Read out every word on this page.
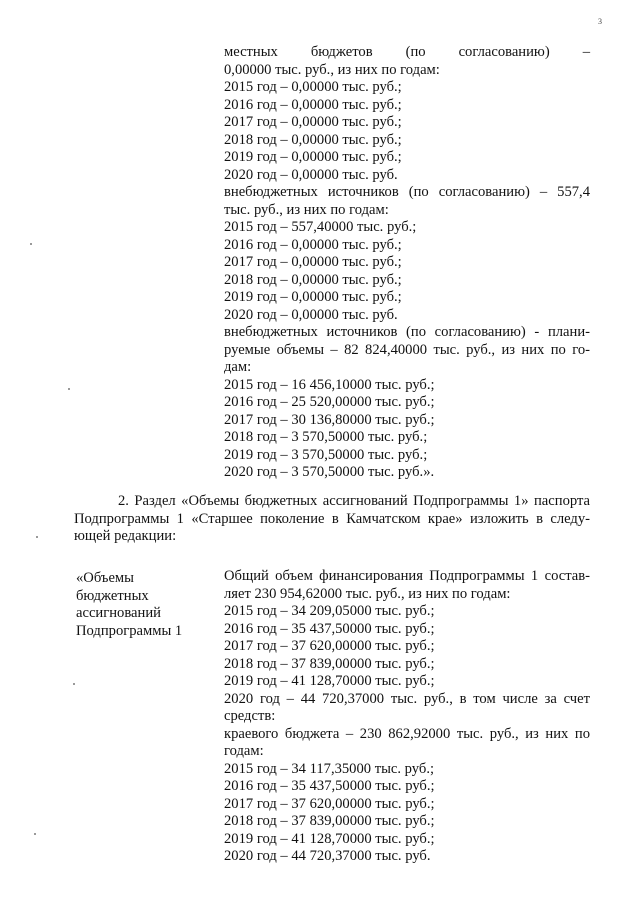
3

местных бюджетов (по согласованию) –

0,00000 тыс. руб., из них по годам:

2015 год – 0,00000 тыс. руб.;

2016 год – 0,00000 тыс. руб.;

2017 год – 0,00000 тыс. руб.;

2018 год – 0,00000 тыс. руб.;

2019 год – 0,00000 тыс. руб.;

2020 год – 0,00000 тыс. руб.

внебюджетных источников (по согласованию) – 557,4

тыс. руб., из них по годам:

2015 год – 557,40000 тыс. руб.;

2016 год – 0,00000 тыс. руб.;

2017 год – 0,00000 тыс. руб.;

2018 год – 0,00000 тыс. руб.;

2019 год – 0,00000 тыс. руб.;

2020 год – 0,00000 тыс. руб.

внебюджетных источников (по согласованию) - плани-

руемые объемы – 82 824,40000 тыс. руб., из них по го-

дам:

2015 год – 16 456,10000 тыс. руб.;

2016 год – 25 520,00000 тыс. руб.;

2017 год – 30 136,80000 тыс. руб.;

2018 год – 3 570,50000 тыс. руб.;

2019 год – 3 570,50000 тыс. руб.;

2020 год – 3 570,50000 тыс. руб.».

2. Раздел «Объемы бюджетных ассигнований Подпрограммы 1» паспорта

Подпрограммы 1 «Старшее поколение в Камчатском крае» изложить в следу-

ющей редакции:

«Объемы

бюджетных

ассигнований

Подпрограммы 1

Общий объем финансирования Подпрограммы 1 состав-

ляет 230 954,62000 тыс. руб., из них по годам:

2015 год – 34 209,05000 тыс. руб.;

2016 год – 35 437,50000 тыс. руб.;

2017 год – 37 620,00000 тыс. руб.;

2018 год – 37 839,00000 тыс. руб.;

2019 год – 41 128,70000 тыс. руб.;

2020 год – 44 720,37000 тыс. руб., в том числе за счет

средств:

краевого бюджета – 230 862,92000 тыс. руб., из них по

годам:

2015 год – 34 117,35000 тыс. руб.;

2016 год – 35 437,50000 тыс. руб.;

2017 год – 37 620,00000 тыс. руб.;

2018 год – 37 839,00000 тыс. руб.;

2019 год – 41 128,70000 тыс. руб.;

2020 год – 44 720,37000 тыс. руб.
